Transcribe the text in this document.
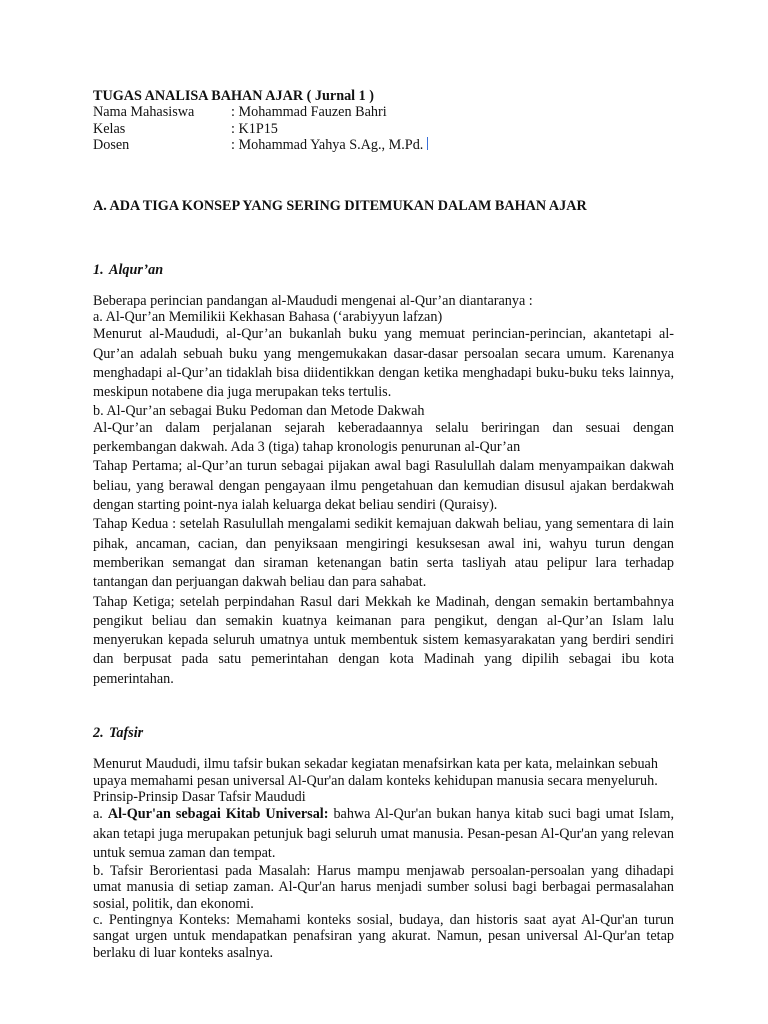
TUGAS ANALISA BAHAN AJAR ( Jurnal 1 )

Nama Mahasiswa	: Mohammad Fauzen Bahri
Kelas	: K1P15
Dosen	: Mohammad Yahya S.Ag., M.Pd.

A. ADA TIGA KONSEP YANG SERING DITEMUKAN DALAM BAHAN AJAR

1. Alqur’an

Beberapa perincian pandangan al-Maududi mengenai al-Qur’an diantaranya :

a. Al-Qur’an Memilikii Kekhasan Bahasa (‘arabiyyun lafzan)

Menurut al-Maududi, al-Qur’an bukanlah buku yang memuat perincian-perincian, akantetapi al-Qur’an adalah sebuah buku yang mengemukakan dasar-dasar persoalan secara umum. Karenanya menghadapi al-Qur’an tidaklah bisa diidentikkan dengan ketika menghadapi buku-buku teks lainnya, meskipun notabene dia juga merupakan teks tertulis.

b. Al-Qur’an sebagai Buku Pedoman dan Metode Dakwah

Al-Qur’an dalam perjalanan sejarah keberadaannya selalu beriringan dan sesuai dengan perkembangan dakwah. Ada 3 (tiga) tahap kronologis penurunan al-Qur’an

Tahap Pertama; al-Qur’an turun sebagai pijakan awal bagi Rasulullah dalam menyampaikan dakwah beliau, yang berawal dengan pengayaan ilmu pengetahuan dan kemudian disusul ajakan berdakwah dengan starting point-nya ialah keluarga dekat beliau sendiri (Quraisy).

Tahap Kedua : setelah Rasulullah mengalami sedikit kemajuan dakwah beliau, yang sementara di lain pihak, ancaman, cacian, dan penyiksaan mengiringi kesuksesan awal ini, wahyu turun dengan memberikan semangat dan siraman ketenangan batin serta tasliyah atau pelipur lara terhadap tantangan dan perjuangan dakwah beliau dan para sahabat.

Tahap Ketiga; setelah perpindahan Rasul dari Mekkah ke Madinah, dengan semakin bertambahnya pengikut beliau dan semakin kuatnya keimanan para pengikut, dengan al-Qur’an Islam lalu menyerukan kepada seluruh umatnya untuk membentuk sistem kemasyarakatan yang berdiri sendiri dan berpusat pada satu pemerintahan dengan kota Madinah yang dipilih sebagai ibu kota pemerintahan.

2. Tafsir

Menurut Maududi, ilmu tafsir bukan sekadar kegiatan menafsirkan kata per kata, melainkan sebuah upaya memahami pesan universal Al-Qur'an dalam konteks kehidupan manusia secara menyeluruh.

Prinsip-Prinsip Dasar Tafsir Maududi

a. Al-Qur'an sebagai Kitab Universal: bahwa Al-Qur'an bukan hanya kitab suci bagi umat Islam, akan tetapi juga merupakan petunjuk bagi seluruh umat manusia. Pesan-pesan Al-Qur'an yang relevan untuk semua zaman dan tempat.

b. Tafsir Berorientasi pada Masalah: Harus mampu menjawab persoalan-persoalan yang dihadapi umat manusia di setiap zaman. Al-Qur'an harus menjadi sumber solusi bagi berbagai permasalahan sosial, politik, dan ekonomi.

c. Pentingnya Konteks: Memahami konteks sosial, budaya, dan historis saat ayat Al-Qur'an turun sangat urgen untuk mendapatkan penafsiran yang akurat. Namun, pesan universal Al-Qur'an tetap berlaku di luar konteks asalnya.
